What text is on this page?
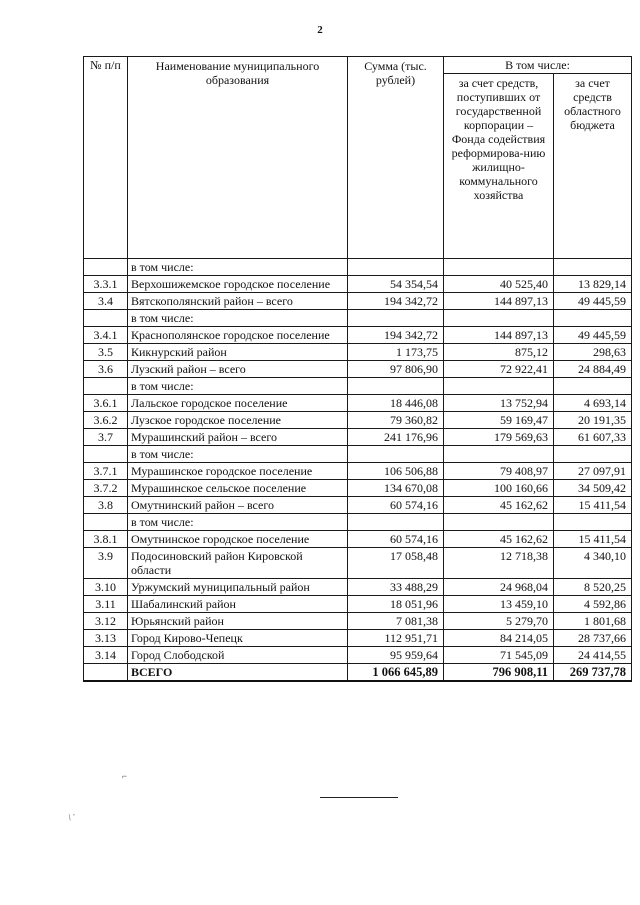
2
№ п/п	Наименование муниципального образования	Сумма (тыс. рублей)	В том числе:	
			за счет средств, поступивших от государственной корпорации – Фонда содействия реформирова-нию жилищно-коммунального хозяйства	за счет средств областного бюджета
	в том числе:			
3.3.1	Верхошижемское городское поселение	54 354,54	40 525,40	13 829,14
3.4	Вятскополянский район – всего	194 342,72	144 897,13	49 445,59
	в том числе:			
3.4.1	Краснополянское городское поселение	194 342,72	144 897,13	49 445,59
3.5	Кикнурский район	1 173,75	875,12	298,63
3.6	Лузский район – всего	97 806,90	72 922,41	24 884,49
	в том числе:			
3.6.1	Лальское городское поселение	18 446,08	13 752,94	4 693,14
3.6.2	Лузское городское поселение	79 360,82	59 169,47	20 191,35
3.7	Мурашинский район – всего	241 176,96	179 569,63	61 607,33
	в том числе:			
3.7.1	Мурашинское городское поселение	106 506,88	79 408,97	27 097,91
3.7.2	Мурашинское сельское поселение	134 670,08	100 160,66	34 509,42
3.8	Омутнинский район – всего	60 574,16	45 162,62	15 411,54
	в том числе:			
3.8.1	Омутнинское городское поселение	60 574,16	45 162,62	15 411,54
3.9	Подосиновский район Кировской области	17 058,48	12 718,38	4 340,10
3.10	Уржумский муниципальный район	33 488,29	24 968,04	8 520,25
3.11	Шабалинский район	18 051,96	13 459,10	4 592,86
3.12	Юрьянский район	7 081,38	5 279,70	1 801,68
3.13	Город Кирово-Чепецк	112 951,71	84 214,05	28 737,66
3.14	Город Слободской	95 959,64	71 545,09	24 414,55
	ВСЕГО	1 066 645,89	796 908,11	269 737,78
⌐
/ ·
